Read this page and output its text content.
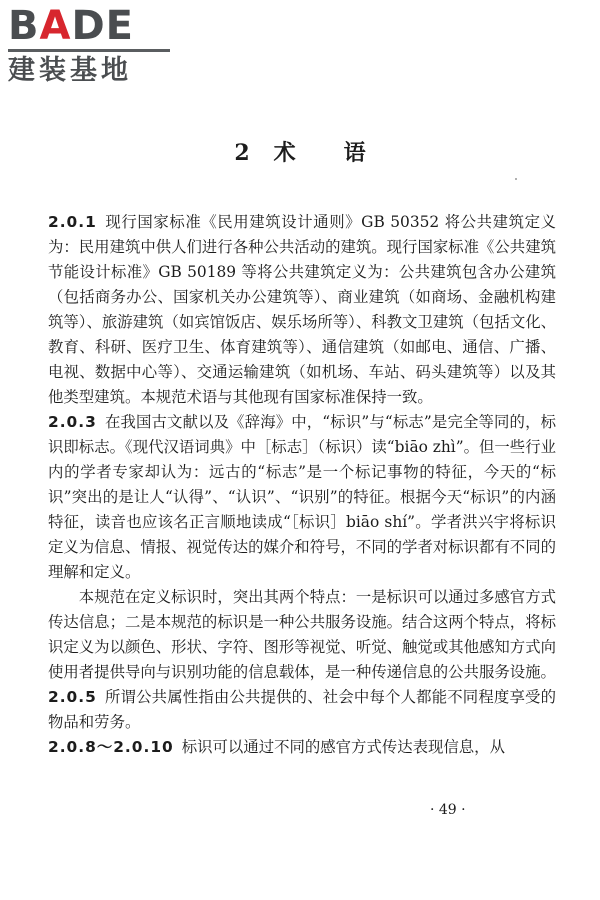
BADE
建装基地
2 术 语

2.0.1 现行国家标准《民用建筑设计通则》GB 50352 将公共建筑定义为：民用建筑中供人们进行各种公共活动的建筑。现行国家标准《公共建筑节能设计标准》GB 50189 等将公共建筑定义为：公共建筑包含办公建筑（包括商务办公、国家机关办公建筑等）、商业建筑（如商场、金融机构建筑等）、旅游建筑（如宾馆饭店、娱乐场所等）、科教文卫建筑（包括文化、教育、科研、医疗卫生、体育建筑等）、通信建筑（如邮电、通信、广播、电视、数据中心等）、交通运输建筑（如机场、车站、码头建筑等）以及其他类型建筑。本规范术语与其他现有国家标准保持一致。

2.0.3 在我国古文献以及《辞海》中，“标识”与“标志”是完全等同的，标识即标志。《现代汉语词典》中［标志］（标识）读“biāo zhì”。但一些行业内的学者专家却认为：远古的“标志”是一个标记事物的特征，今天的“标识”突出的是让人“认得”、“认识”、“识别”的特征。根据今天“标识”的内涵特征，读音也应该名正言顺地读成“［标识］biāo shí”。学者洪兴宇将标识定义为信息、情报、视觉传达的媒介和符号，不同的学者对标识都有不同的理解和定义。

本规范在定义标识时，突出其两个特点：一是标识可以通过多感官方式传达信息；二是本规范的标识是一种公共服务设施。结合这两个特点，将标识定义为以颜色、形状、字符、图形等视觉、听觉、触觉或其他感知方式向使用者提供导向与识别功能的信息载体，是一种传递信息的公共服务设施。

2.0.5 所谓公共属性指由公共提供的、社会中每个人都能不同程度享受的物品和劳务。

2.0.8～2.0.10 标识可以通过不同的感官方式传达表现信息，从

· 49 ·
